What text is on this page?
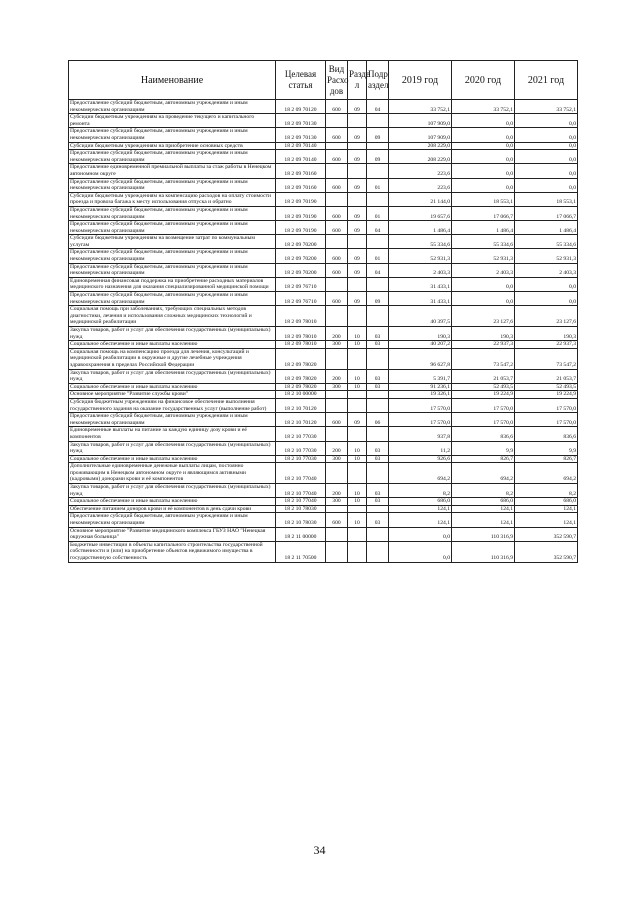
Наименование	Целевая статья	Вид Расхо дов	Разде л	Подр аздел	2019 год	2020 год	2021 год
Предоставление субсидий бюджетным, автономным учреждениям и иным некоммерческим организациям	18 2 09 70120	600	09	04	33 752,1	33 752,1	33 752,1
Субсидии бюджетным учреждениям на проведение текущего и капитального ремонта	18 2 09 70130				107 909,0	0,0	0,0
Предоставление субсидий бюджетным, автономным учреждениям и иным некоммерческим организациям	18 2 09 70130	600	09	09	107 909,0	0,0	0,0
Субсидии бюджетным учреждениям на приобретение основных средств	18 2 09 70140				208 229,0	0,0	0,0
Предоставление субсидий бюджетным, автономным учреждениям и иным некоммерческим организациям	18 2 09 70140	600	09	09	208 229,0	0,0	0,0
Предоставление единовременной премиальной выплаты за стаж работы в Ненецком автономном округе	18 2 09 70160				223,6	0,0	0,0
Предоставление субсидий бюджетным, автономным учреждениям и иным некоммерческим организациям	18 2 09 70160	600	09	01	223,6	0,0	0,0
Субсидии бюджетным учреждениям на компенсацию расходов на оплату стоимости проезда и провоза багажа к месту использования отпуска и обратно	18 2 09 70190				21 144,0	18 553,1	18 553,1
Предоставление субсидий бюджетным, автономным учреждениям и иным некоммерческим организациям	18 2 09 70190	600	09	01	19 657,6	17 066,7	17 066,7
Предоставление субсидий бюджетным, автономным учреждениям и иным некоммерческим организациям	18 2 09 70190	600	09	04	1 486,4	1 486,4	1 486,4
Субсидии бюджетным учреждениям на возмещение затрат по коммунальным услугам	18 2 09 70200				55 334,6	55 334,6	55 334,6
Предоставление субсидий бюджетным, автономным учреждениям и иным некоммерческим организациям	18 2 09 70200	600	09	01	52 931,3	52 931,3	52 931,3
Предоставление субсидий бюджетным, автономным учреждениям и иным некоммерческим организациям	18 2 09 70200	600	09	04	2 403,3	2 403,3	2 403,3
Единовременная финансовая поддержка на приобретение расходных материалов медицинского назначения для оказания специализированной медицинской помощи	18 2 09 76710				31 433,1	0,0	0,0
Предоставление субсидий бюджетным, автономным учреждениям и иным некоммерческим организациям	18 2 09 76710	600	09	09	31 433,1	0,0	0,0
Социальная помощь при заболеваниях, требующих специальных методов диагностики, лечения и использования сложных медицинских технологий и медицинской реабилитации	18 2 09 78010				40 397,5	23 127,6	23 127,6
Закупка товаров, работ и услуг для обеспечения государственных (муниципальных) нужд	18 2 09 78010	200	10	03	190,3	190,3	190,3
Социальное обеспечение и иные выплаты населению	18 2 09 78010	300	10	03	40 207,2	22 937,3	22 937,3
Социальная помощь на компенсацию проезда для лечения, консультаций и медицинской реабилитации в окружные и другие лечебные учреждения здравоохранения в пределах Российской Федерации	18 2 09 78020				96 627,8	73 547,2	73 547,2
Закупка товаров, работ и услуг для обеспечения государственных (муниципальных) нужд	18 2 09 78020	200	10	03	5 391,7	21 053,7	21 053,7
Социальное обеспечение и иные выплаты населению	18 2 09 78020	300	10	03	91 236,1	52 493,5	52 493,5
Основное мероприятие "Развитие службы крови"	18 2 10 00000				19 326,1	19 224,9	19 224,9
Субсидия бюджетным учреждениям на финансовое обеспечение выполнения государственного задания на оказание государственных услуг (выполнение работ)	18 2 10 70120				17 570,0	17 570,0	17 570,0
Предоставление субсидий бюджетным, автономным учреждениям и иным некоммерческим организациям	18 2 10 70120	600	09	06	17 570,0	17 570,0	17 570,0
Единовременные выплаты на питание за каждую единицу дозу крови и её компонентов	18 2 10 77030				937,8	836,6	836,6
Закупка товаров, работ и услуг для обеспечения государственных (муниципальных) нужд	18 2 10 77030	200	10	03	11,2	9,9	9,9
Социальное обеспечение и иные выплаты населению	18 2 10 77030	300	10	03	926,6	826,7	826,7
Дополнительные единовременные денежные выплаты лицам, постоянно проживающим в Ненецком автономном округе и являющимся активными (кадровыми) донорами крови и её компонентов	18 2 10 77040				694,2	694,2	694,2
Закупка товаров, работ и услуг для обеспечения государственных (муниципальных) нужд	18 2 10 77040	200	10	03	8,2	8,2	8,2
Социальное обеспечение и иные выплаты населению	18 2 10 77040	300	10	03	686,0	686,0	686,0
Обеспечение питанием доноров крови и её компонентов в день сдачи крови	18 2 10 78030				124,1	124,1	124,1
Предоставление субсидий бюджетным, автономным учреждениям и иным некоммерческим организациям	18 2 10 78030	600	10	03	124,1	124,1	124,1
Основное мероприятие "Развитие медицинского комплекса ГБУЗ НАО "Ненецкая окружная больница"	18 2 11 00000				0,0	110 316,9	352 590,7
Бюджетные инвестиции в объекты капитального строительства государственной собственности и (или) на приобретение объектов недвижимого имущества в государственную собственность	18 2 11 70500				0,0	110 316,9	352 590,7
34
